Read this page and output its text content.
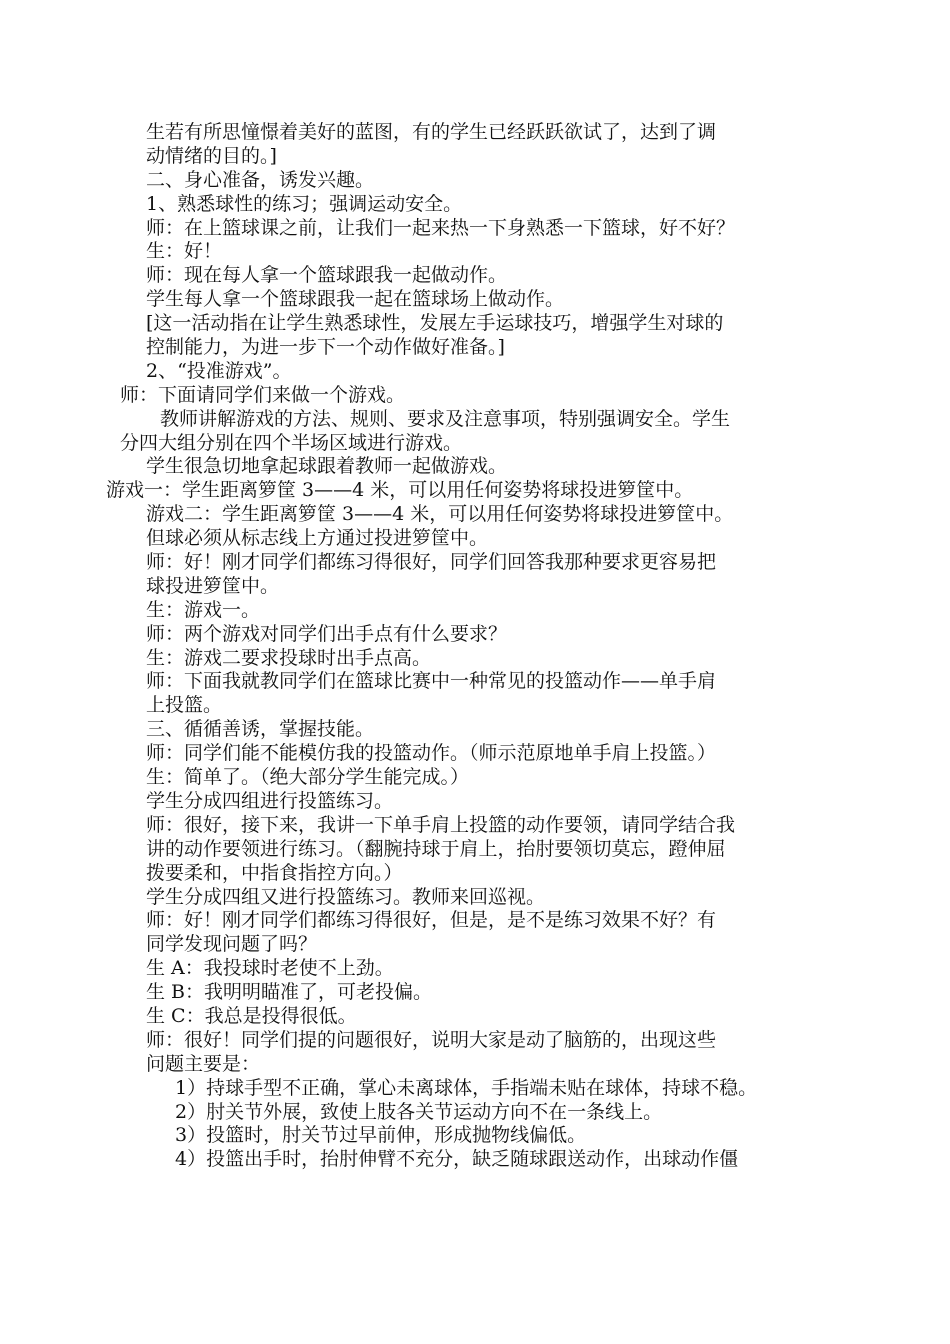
生若有所思憧憬着美好的蓝图，有的学生已经跃跃欲试了，达到了调
动情绪的目的。]
二、身心准备，诱发兴趣。
1、熟悉球性的练习；强调运动安全。
师：在上篮球课之前，让我们一起来热一下身熟悉一下篮球，好不好？
生：好！
师：现在每人拿一个篮球跟我一起做动作。
学生每人拿一个篮球跟我一起在篮球场上做动作。
[这一活动指在让学生熟悉球性，发展左手运球技巧，增强学生对球的
控制能力，为进一步下一个动作做好准备。]
2、“投准游戏”。
师：下面请同学们来做一个游戏。
教师讲解游戏的方法、规则、要求及注意事项，特别强调安全。学生
分四大组分别在四个半场区域进行游戏。
学生很急切地拿起球跟着教师一起做游戏。
游戏一：学生距离箩筐 3——4 米，可以用任何姿势将球投进箩筐中。
游戏二：学生距离箩筐 3——4 米，可以用任何姿势将球投进箩筐中。
但球必须从标志线上方通过投进箩筐中。
师：好！刚才同学们都练习得很好，同学们回答我那种要求更容易把
球投进箩筐中。
生：游戏一。
师：两个游戏对同学们出手点有什么要求？
生：游戏二要求投球时出手点高。
师：下面我就教同学们在篮球比赛中一种常见的投篮动作——单手肩
上投篮。
三、循循善诱，掌握技能。
师：同学们能不能模仿我的投篮动作。（师示范原地单手肩上投篮。）
生：简单了。（绝大部分学生能完成。）
学生分成四组进行投篮练习。
师：很好，接下来，我讲一下单手肩上投篮的动作要领，请同学结合我
讲的动作要领进行练习。（翻腕持球于肩上，抬肘要领切莫忘，蹬伸屈
拨要柔和，中指食指控方向。）
学生分成四组又进行投篮练习。教师来回巡视。
师：好！刚才同学们都练习得很好，但是，是不是练习效果不好？有
同学发现问题了吗？
生 A：我投球时老使不上劲。
生 B：我明明瞄准了，可老投偏。
生 C：我总是投得很低。
师：很好！同学们提的问题很好，说明大家是动了脑筋的，出现这些
问题主要是：
1）持球手型不正确，掌心未离球体，手指端未贴在球体，持球不稳。
2）肘关节外展，致使上肢各关节运动方向不在一条线上。
3）投篮时，肘关节过早前伸，形成抛物线偏低。
4）投篮出手时，抬肘伸臂不充分，缺乏随球跟送动作，出球动作僵
